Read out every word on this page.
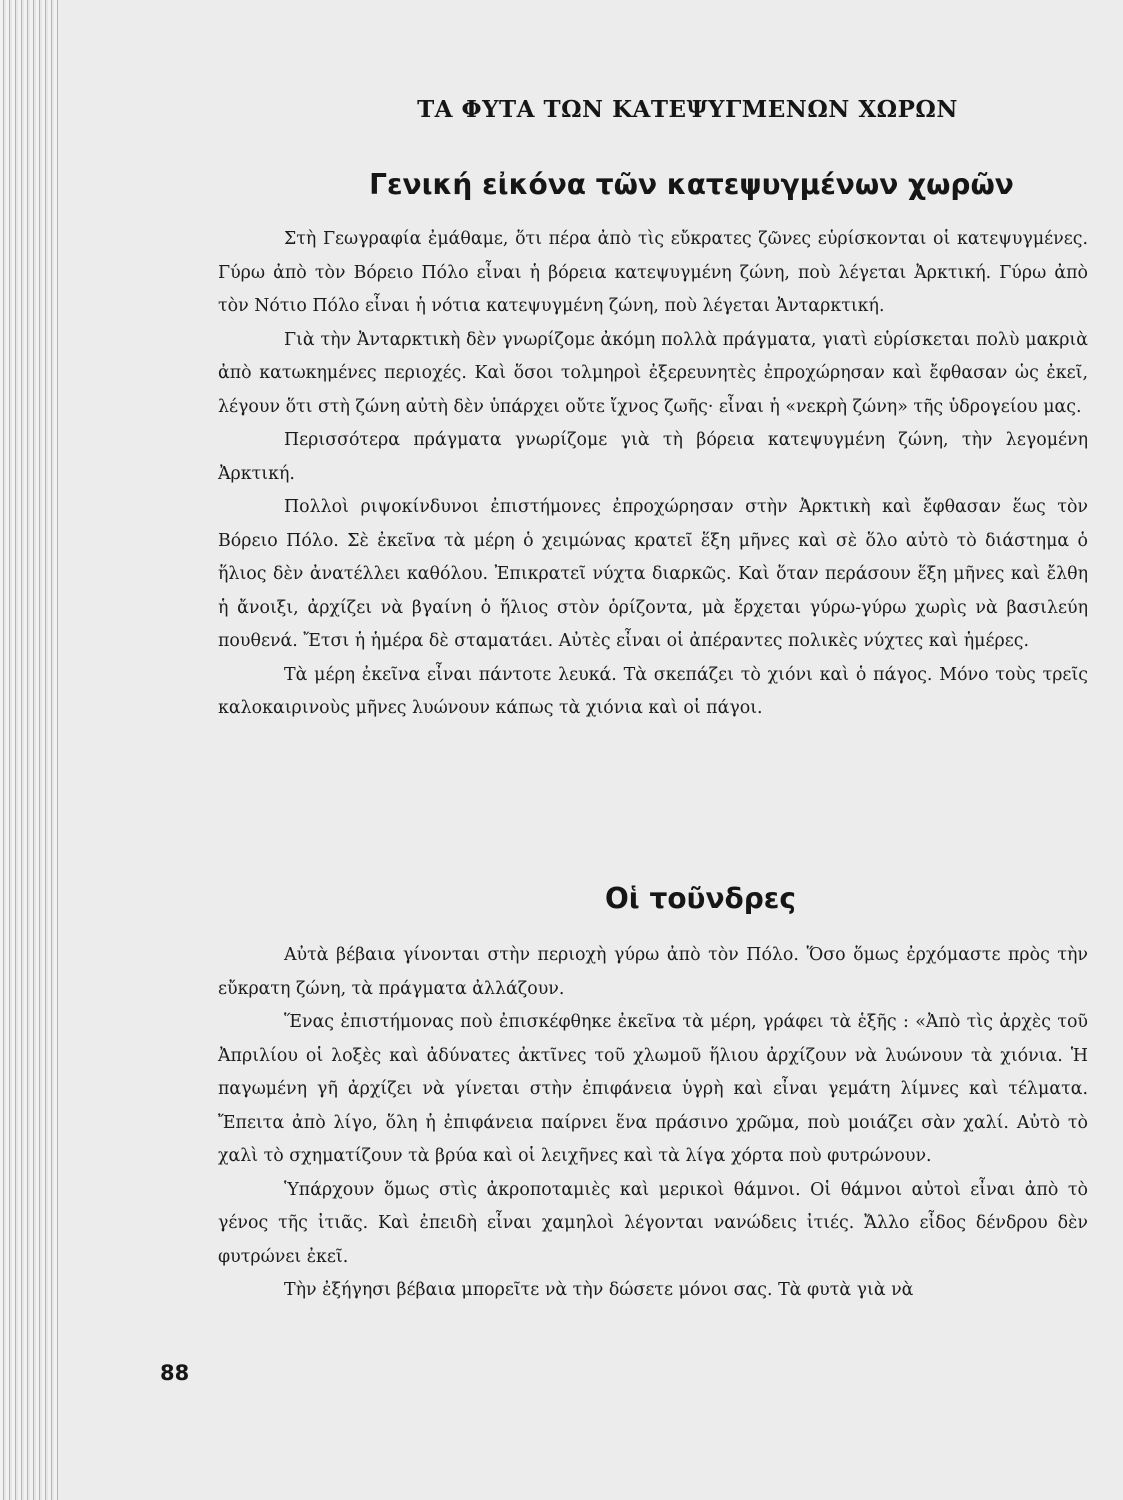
ΤΑ ΦΥΤΑ ΤΩΝ ΚΑΤΕΨΥΓΜΕΝΩΝ ΧΩΡΩΝ
Γενική εἰκόνα τῶν κατεψυγμένων χωρῶν

Στὴ Γεωγραφία ἐμάθαμε, ὅτι πέρα ἀπὸ τὶς εὔκρατες ζῶνες εὑρίσκονται οἱ κατεψυγμένες. Γύρω ἀπὸ τὸν Βόρειο Πόλο εἶναι ἡ βόρεια κατεψυγμένη ζώνη, ποὺ λέγεται Ἀρκτική. Γύρω ἀπὸ τὸν Νότιο Πόλο εἶναι ἡ νότια κατεψυγμένη ζώνη, ποὺ λέγεται Ἀνταρκτική.

Γιὰ τὴν Ἀνταρκτικὴ δὲν γνωρίζομε ἀκόμη πολλὰ πράγματα, γιατὶ εὑρίσκεται πολὺ μακριὰ ἀπὸ κατωκημένες περιοχές. Καὶ ὅσοι τολμηροὶ ἐξερευνητὲς ἐπροχώρησαν καὶ ἔφθασαν ὡς ἐκεῖ, λέγουν ὅτι στὴ ζώνη αὐτὴ δὲν ὑπάρχει οὔτε ἴχνος ζωῆς· εἶναι ἡ «νεκρὴ ζώνη» τῆς ὑδρογείου μας.

Περισσότερα πράγματα γνωρίζομε γιὰ τὴ βόρεια κατεψυγμένη ζώνη, τὴν λεγομένη Ἀρκτική.

Πολλοὶ ριψοκίνδυνοι ἐπιστήμονες ἐπροχώρησαν στὴν Ἀρκτικὴ καὶ ἔφθασαν ἕως τὸν Βόρειο Πόλο. Σὲ ἐκεῖνα τὰ μέρη ὁ χειμώνας κρατεῖ ἕξη μῆνες καὶ σὲ ὅλο αὐτὸ τὸ διάστημα ὁ ἥλιος δὲν ἀνατέλλει καθόλου. Ἐπικρατεῖ νύχτα διαρκῶς. Καὶ ὅταν περάσουν ἕξη μῆνες καὶ ἔλθη ἡ ἄνοιξι, ἀρχίζει νὰ βγαίνη ὁ ἥλιος στὸν ὁρίζοντα, μὰ ἔρχεται γύρω-γύρω χωρὶς νὰ βασιλεύη πουθενά. Ἔτσι ἡ ἡμέρα δὲ σταματάει. Αὐτὲς εἶναι οἱ ἀπέραντες πολικὲς νύχτες καὶ ἡμέρες.

Τὰ μέρη ἐκεῖνα εἶναι πάντοτε λευκά. Τὰ σκεπάζει τὸ χιόνι καὶ ὁ πάγος. Μόνο τοὺς τρεῖς καλοκαιρινοὺς μῆνες λυώνουν κάπως τὰ χιόνια καὶ οἱ πάγοι.

Οἱ τοῦνδρες

Αὐτὰ βέβαια γίνονται στὴν περιοχὴ γύρω ἀπὸ τὸν Πόλο. Ὅσο ὅμως ἐρχόμαστε πρὸς τὴν εὔκρατη ζώνη, τὰ πράγματα ἀλλάζουν.

Ἕνας ἐπιστήμονας ποὺ ἐπισκέφθηκε ἐκεῖνα τὰ μέρη, γράφει τὰ ἑξῆς : «Ἀπὸ τὶς ἀρχὲς τοῦ Ἀπριλίου οἱ λοξὲς καὶ ἀδύνατες ἀκτῖνες τοῦ χλωμοῦ ἥλιου ἀρχίζουν νὰ λυώνουν τὰ χιόνια. Ἡ παγωμένη γῆ ἀρχίζει νὰ γίνεται στὴν ἐπιφάνεια ὑγρὴ καὶ εἶναι γεμάτη λίμνες καὶ τέλματα. Ἔπειτα ἀπὸ λίγο, ὅλη ἡ ἐπιφάνεια παίρνει ἕνα πράσινο χρῶμα, ποὺ μοιάζει σὰν χαλί. Αὐτὸ τὸ χαλὶ τὸ σχηματίζουν τὰ βρύα καὶ οἱ λειχῆνες καὶ τὰ λίγα χόρτα ποὺ φυτρώνουν.

Ὑπάρχουν ὅμως στὶς ἀκροποταμιὲς καὶ μερικοὶ θάμνοι. Οἱ θάμνοι αὐτοὶ εἶναι ἀπὸ τὸ γένος τῆς ἰτιᾶς. Καὶ ἐπειδὴ εἶναι χαμηλοὶ λέγονται νανώδεις ἰτιές. Ἄλλο εἶδος δένδρου δὲν φυτρώνει ἐκεῖ.

Τὴν ἐξήγησι βέβαια μπορεῖτε νὰ τὴν δώσετε μόνοι σας. Τὰ φυτὰ γιὰ νὰ

88
